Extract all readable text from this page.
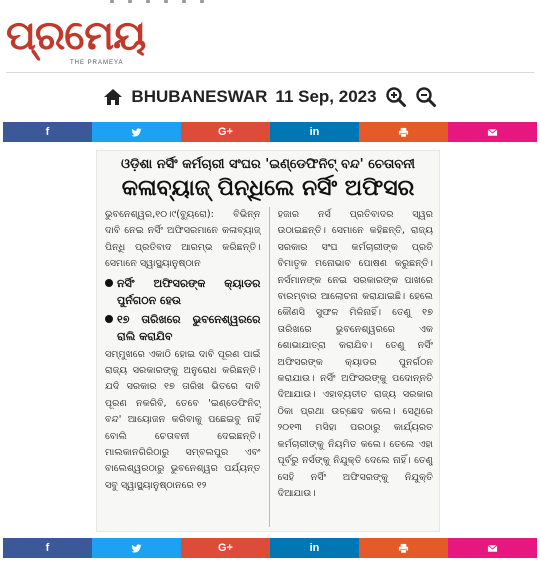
ପ୍ରମେୟ
THE PRAMEYA
BHUBANESWAR 11 Sep, 2023
f	G+	in
ଓଡ଼ିଶା ନର୍ସିଂ କର୍ମଚାରୀ ସଂଘର 'ଇଣ୍ଡେଫିନିଟ୍ ବନ୍ଦ' ଚେତାବନୀ
କଳାବ୍ୟାଜ୍ ପିନ୍ଧିଲେ ନର୍ସିଂ ଅଫିସର
ଭୁବନେଶ୍ୱର,୧୦।୯(ବ୍ୟୁରୋ): ବିଭିନ୍ନ ଦାବି ନେଇ ନର୍ସିଂ ଅଫିସରମାନେ କଳାବ୍ୟାଜ୍ ପିନ୍ଧି ପ୍ରତିବାଦ ଆରମ୍ଭ କରିଛନ୍ତି। ସେମାନେ ସ୍ୱାସ୍ଥ୍ୟାନୁଷ୍ଠାନ
ନର୍ସିଂ ଅଫିସରଙ୍କ କ୍ୟାଡର ପୁର୍ନଗଠନ ହେଉ
୧୭ ତାରିଖରେ ଭୁବନେଶ୍ୱରରେ ରାଲି କରାଯିବ
ସମ୍ମୁଖରେ ଏକାଠି ହୋଇ ଦାବି ପୂରଣ ପାଇଁ ରାଜ୍ୟ ସରକାରଙ୍କୁ ଅନୁରୋଧ କରିଛନ୍ତି। ଯଦି ସରକାର ୧୭ ତାରିଖ ଭିତରେ ଦାବି ପୂରଣ ନକରିବି, ତେବେ 'ଇଣ୍ଡେଫିନିଟ୍ ବନ୍ଦ' ଆୟୋଜନ କରିବାକୁ ପଛେଇବୁ ନାହିଁ ବୋଲି ଚେତାବନୀ ଦେଇଛନ୍ତି। ମାଲକାନଗିରିଠାରୁ ସମ୍ବଲପୁର ଏବଂ ବାଲେଶ୍ୱରଠାରୁ ଭୁବନେଶ୍ୱର ପର୍ଯ୍ୟନ୍ତ ସବୁ ସ୍ୱାସ୍ଥ୍ୟାନୁଷ୍ଠାନରେ ୧୨
ହଜାର ନର୍ସ ପ୍ରତିବାଦର ସ୍ୱର ଉଠାଇଛନ୍ତି। ସେମାନେ କହିଛନ୍ତି, ରାଜ୍ୟ ସରକାର ସଂଘ କର୍ମଚାରୀଙ୍କ ପ୍ରତି ବିମାତୃକ ମନୋଭାବ ପୋଷଣ କରୁଛନ୍ତି। ନର୍ସମାନଙ୍କ ନେଇ ସରକାରଙ୍କ ପାଖରେ ବାରମ୍ବାର ଆଲୋଚନା କରାଯାଇଛି। ହେଲେ କୌଣସି ସୁଫଳ ମିଳିନାହିଁ। ତେଣୁ ୧୭ ତାରିଖରେ ଭୁବନେଶ୍ୱରରେ ଏକ ଶୋଭାଯାତ୍ରା କରାଯିବ। ତେଣୁ ନର୍ସିଂ ଅଫିସରଙ୍କ କ୍ୟାଡର ପୁନର୍ଗଠନ କରାଯାଉ। ନର୍ସିଂ ଅଫିସରଙ୍କୁ ପଦୋନ୍ନତି ଦିଆଯାଉ। ଏହାବ୍ୟତୀତ ରାଜ୍ୟ ସରକାର ଠିକା ପ୍ରଥା ଉଚ୍ଛେଦ କଲେ। ସେଥିରେ ୨୦୧୩ ମସିହା ପରଠାରୁ କାର୍ଯ୍ୟରତ କର୍ମଚାରୀଙ୍କୁ ନିୟମିତ କଲେ। ତେଲେ ଏହା ପୂର୍ବରୁ ନର୍ସଙ୍କୁ ନିଯୁକ୍ତି ଦେଲେ ନାହିଁ। ତେଣୁ ସେହି ନର୍ସିଂ ଅଫିସରଙ୍କୁ ନିଯୁକ୍ତି ଦିଆଯାଉ।
f	G+	in
